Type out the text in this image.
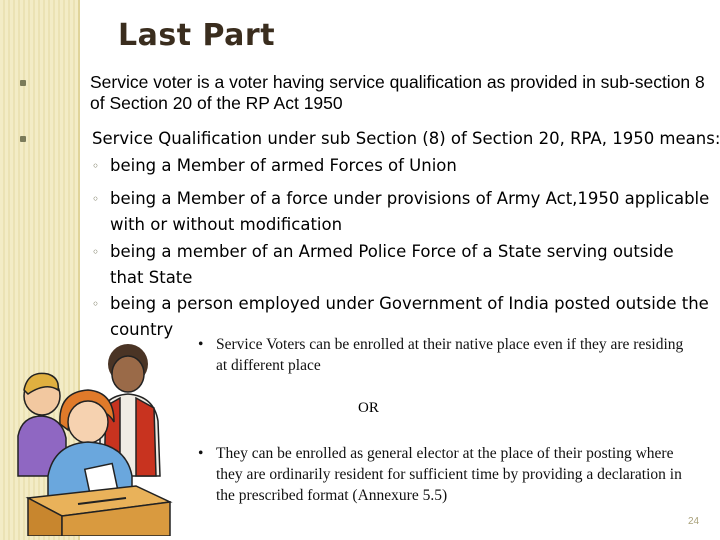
Last Part
Service voter is a voter having service qualification as provided in sub-section 8 of Section 20 of the RP Act 1950
Service Qualification under sub Section (8) of Section 20, RPA, 1950 means:
◦ being a Member of armed Forces of Union
◦ being a Member of a force under provisions of Army Act,1950 applicable with or without modification
◦ being a member of an Armed Police Force of a State serving outside that State
◦ being a person employed under Government of India posted outside the country
• Service Voters can be enrolled at their native place even if they are residing at different place
OR
• They can be enrolled as general elector at the place of their posting where they are ordinarily resident for sufficient time by providing a declaration in the prescribed format (Annexure 5.5)
24
